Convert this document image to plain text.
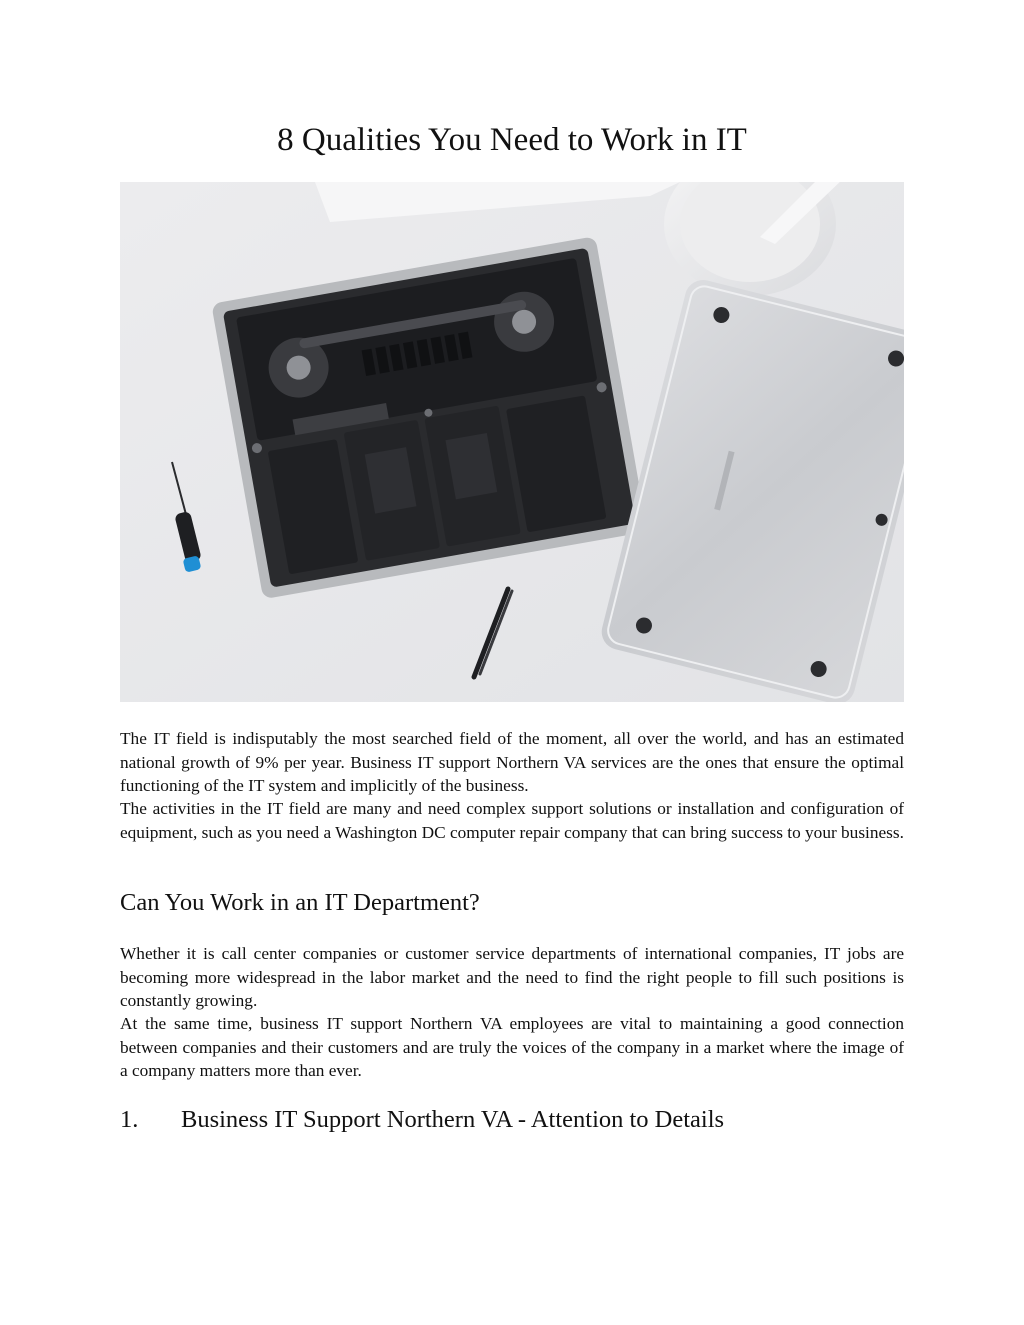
8 Qualities You Need to Work in IT

The IT field is indisputably the most searched field of the moment, all over the world, and has an estimated national growth of 9% per year. Business IT support Northern VA services are the ones that ensure the optimal functioning of the IT system and implicitly of the business.

The activities in the IT field are many and need complex support solutions or installation and configuration of equipment, such as you need a Washington DC computer repair company that can bring success to your business.

Can You Work in an IT Department?

Whether it is call center companies or customer service departments of international companies, IT jobs are becoming more widespread in the labor market and the need to find the right people to fill such positions is constantly growing.

At the same time, business IT support Northern VA employees are vital to maintaining a good connection between companies and their customers and are truly the voices of the company in a market where the image of a company matters more than ever.

1. Business IT Support Northern VA - Attention to Details
